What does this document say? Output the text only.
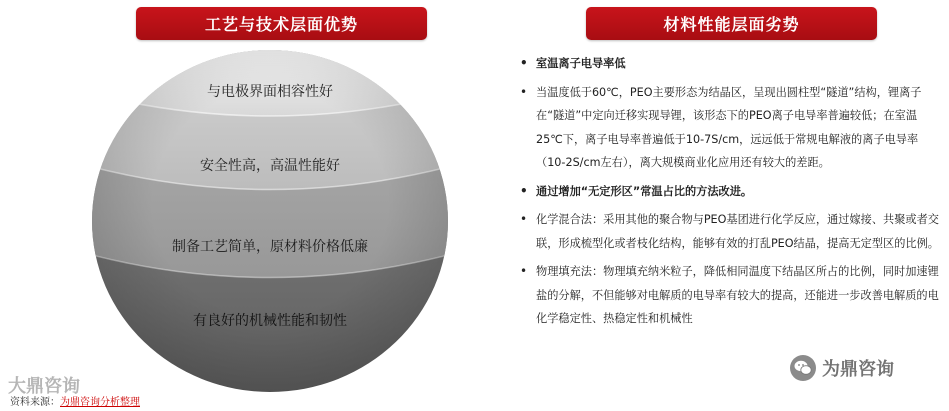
工艺与技术层面优势	材料性能层面劣势
与电极界面相容性好
安全性高，高温性能好
制备工艺简单，原材料价格低廉
有良好的机械性能和韧性
大鼎咨询
资料来源：为鼎咨询分析整理
• 室温离子电导率低
• 当温度低于60℃，PEO主要形态为结晶区，呈现出圆柱型“隧道”结构，锂离子在“隧道”中定向迁移实现导锂，该形态下的PEO离子电导率普遍较低；在室温25℃下，离子电导率普遍低于10-7S/cm，远远低于常规电解液的离子电导率（10-2S/cm左右），离大规模商业化应用还有较大的差距。
• 通过增加“无定形区”常温占比的方法改进。
• 化学混合法：采用其他的聚合物与PEO基团进行化学反应，通过嫁接、共聚或者交联，形成梳型化或者枝化结构，能够有效的打乱PEO结晶，提高无定型区的比例。
• 物理填充法：物理填充纳米粒子，降低相同温度下结晶区所占的比例，同时加速锂盐的分解，不但能够对电解质的电导率有较大的提高，还能进一步改善电解质的电化学稳定性、热稳定性和机械性
为鼎咨询
